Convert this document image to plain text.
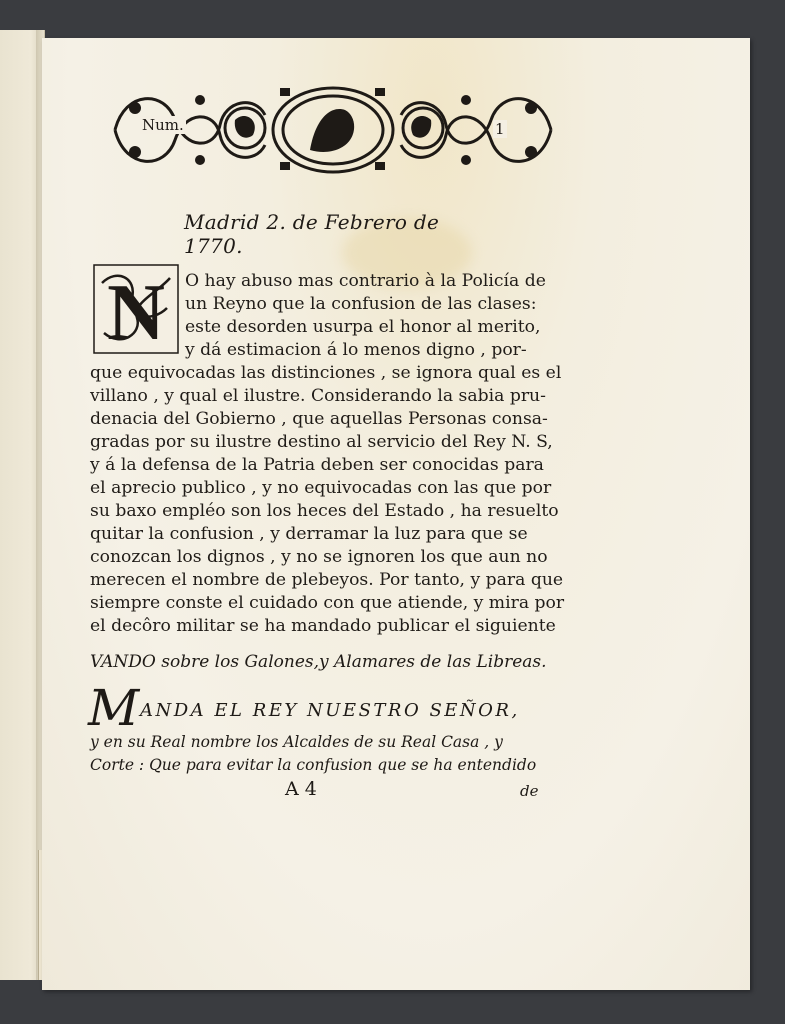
Num.	1
Madrid 2. de Febrero de 1770.
N O hay abuso mas contrario à la Policía de
un Reyno que la confusion de las clases:
este desorden usurpa el honor al merito,
y dá estimacion á lo menos digno , por-
que equivocadas las distinciones , se ignora qual es el
villano , y qual el ilustre. Considerando la sabia pru-
denacia del Gobierno , que aquellas Personas consa-
gradas por su ilustre destino al servicio del Rey N. S,
y á la defensa de la Patria deben ser conocidas para
el aprecio publico , y no equivocadas con las que por
su baxo empléo son los heces del Estado , ha resuelto
quitar la confusion , y derramar la luz para que se
conozcan los dignos , y no se ignoren los que aun no
merecen el nombre de plebeyos. Por tanto, y para que
siempre conste el cuidado con que atiende, y mira por
el decôro militar se ha mandado publicar el siguiente
VANDO sobre los Galones,y Alamares de las Libreas.
M ANDA EL REY NUESTRO SEÑOR,
y en su Real nombre los Alcaldes de su Real Casa , y
Corte : Que para evitar la confusion que se ha entendido
A 4	de
